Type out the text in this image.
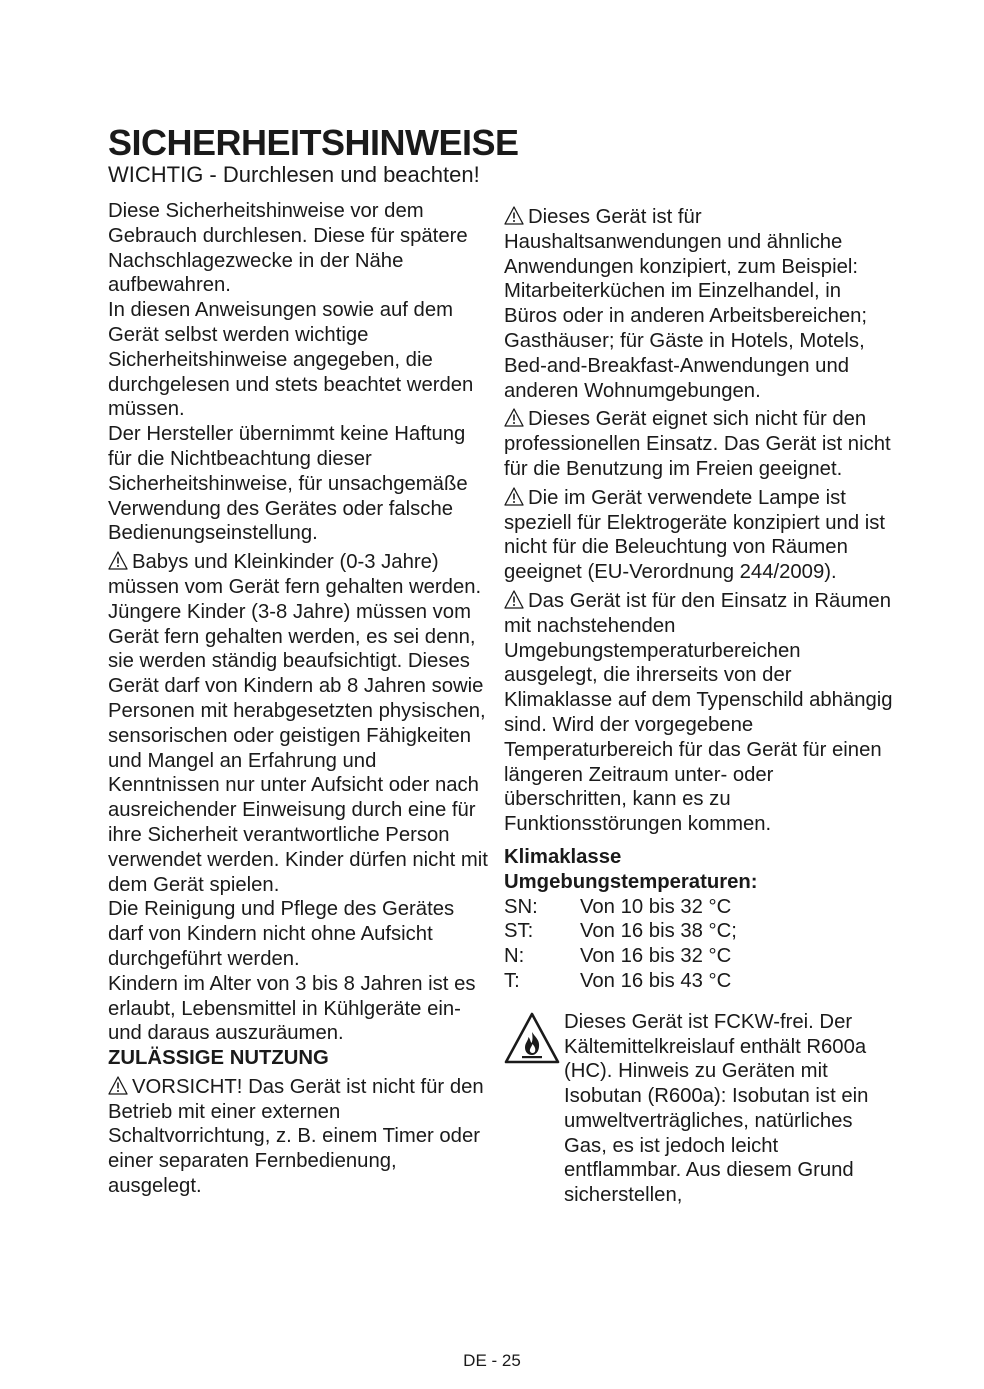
SICHERHEITSHINWEISE
WICHTIG - Durchlesen und beachten!

Diese Sicherheitshinweise vor dem Gebrauch durchlesen. Diese für spätere Nachschlagezwecke in der Nähe aufbewahren.

In diesen Anweisungen sowie auf dem Gerät selbst werden wichtige Sicherheitshinweise angegeben, die durchgelesen und stets beachtet werden müssen.

Der Hersteller übernimmt keine Haftung für die Nichtbeachtung dieser Sicherheitshinweise, für unsachgemäße Verwendung des Gerätes oder falsche Bedienungseinstellung.

Babys und Kleinkinder (0-3 Jahre) müssen vom Gerät fern gehalten werden. Jüngere Kinder (3-8 Jahre) müssen vom Gerät fern gehalten werden, es sei denn, sie werden ständig beaufsichtigt. Dieses Gerät darf von Kindern ab 8 Jahren sowie Personen mit herabgesetzten physischen, sensorischen oder geistigen Fähigkeiten und Mangel an Erfahrung und Kenntnissen nur unter Aufsicht oder nach ausreichender Einweisung durch eine für ihre Sicherheit verantwortliche Person verwendet werden. Kinder dürfen nicht mit dem Gerät spielen.

Die Reinigung und Pflege des Gerätes darf von Kindern nicht ohne Aufsicht durchgeführt werden.

Kindern im Alter von 3 bis 8 Jahren ist es erlaubt, Lebensmittel in Kühlgeräte ein- und daraus auszuräumen.

ZULÄSSIGE NUTZUNG

VORSICHT! Das Gerät ist nicht für den Betrieb mit einer externen Schaltvorrichtung, z. B. einem Timer oder einer separaten Fernbedienung, ausgelegt.

Dieses Gerät ist für Haushaltsanwendungen und ähnliche Anwendungen konzipiert, zum Beispiel: Mitarbeiterküchen im Einzelhandel, in Büros oder in anderen Arbeitsbereichen; Gasthäuser; für Gäste in Hotels, Motels, Bed-and-Breakfast-Anwendungen und anderen Wohnumgebungen.

Dieses Gerät eignet sich nicht für den professionellen Einsatz. Das Gerät ist nicht für die Benutzung im Freien geeignet.

Die im Gerät verwendete Lampe ist speziell für Elektrogeräte konzipiert und ist nicht für die Beleuchtung von Räumen geeignet (EU-Verordnung 244/2009).

Das Gerät ist für den Einsatz in Räumen mit nachstehenden Umgebungstemperaturbereichen ausgelegt, die ihrerseits von der Klimaklasse auf dem Typenschild abhängig sind. Wird der vorgegebene Temperaturbereich für das Gerät für einen längeren Zeitraum unter- oder überschritten, kann es zu Funktionsstörungen kommen.

Klimaklasse
Umgebungstemperaturen:

SN:	Von 10 bis 32 °C
ST:	Von 16 bis 38 °C;
N:	Von 16 bis 32 °C
T:	Von 16 bis 43 °C
Dieses Gerät ist FCKW-frei. Der Kältemittelkreislauf enthält R600a (HC). Hinweis zu Geräten mit Isobutan (R600a): Isobutan ist ein umweltverträgliches, natürliches Gas, es ist jedoch leicht entflammbar. Aus diesem Grund sicherstellen,
DE - 25
